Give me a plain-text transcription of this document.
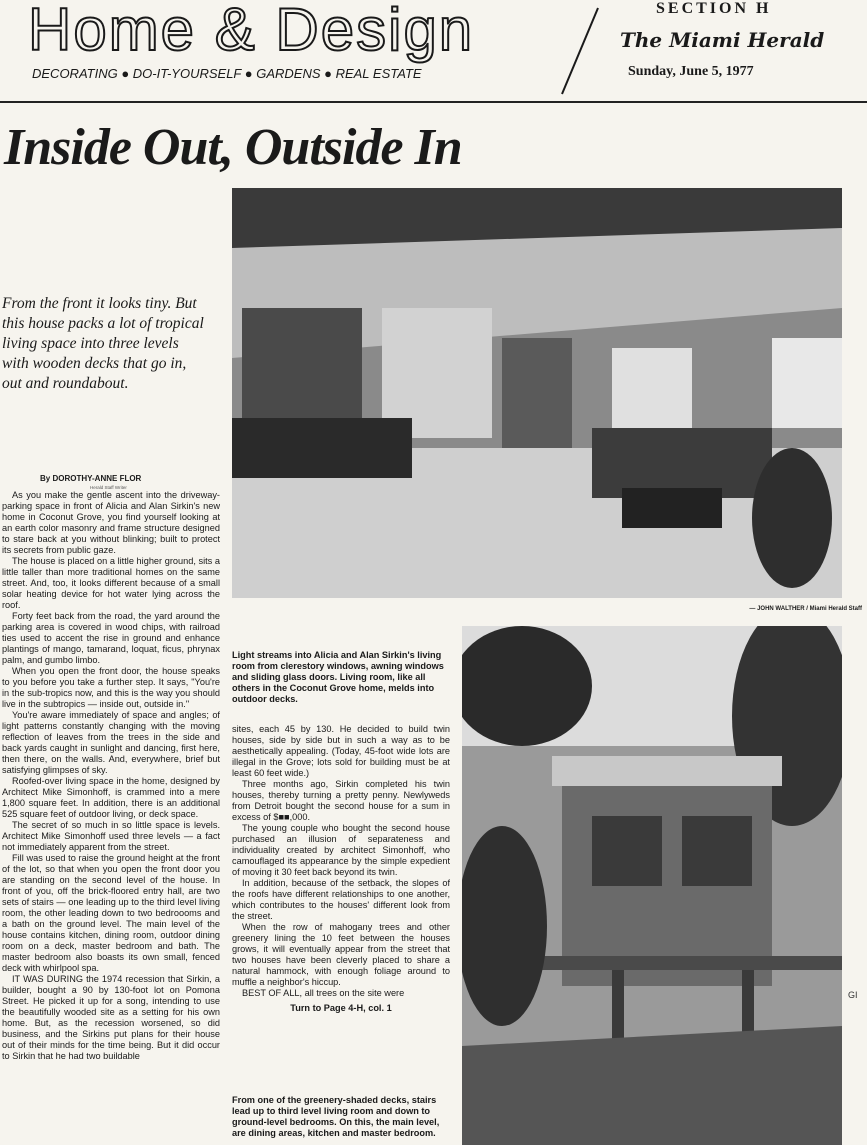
Home & Design
DECORATING ● DO-IT-YOURSELF ● GARDENS ● REAL ESTATE
SECTION H
The Miami Herald
Sunday, June 5, 1977
Inside Out, Outside In
From the front it looks tiny. But this house packs a lot of tropical living space into three levels with wooden decks that go in, out and roundabout.
By DOROTHY-ANNE FLOR
Herald Staff Writer

As you make the gentle ascent into the driveway-parking space in front of Alicia and Alan Sirkin's new home in Coconut Grove, you find yourself looking at an earth color masonry and frame structure designed to stare back at you without blinking; built to protect its secrets from public gaze.

The house is placed on a little higher ground, sits a little taller than more traditional homes on the same street. And, too, it looks different because of a small solar heating device for hot water lying across the roof.

Forty feet back from the road, the yard around the parking area is covered in wood chips, with railroad ties used to accent the rise in ground and enhance plantings of mango, tamarand, loquat, ficus, phrynax palm, and gumbo limbo.

When you open the front door, the house speaks to you before you take a further step. It says, "You're in the sub-tropics now, and this is the way you should live in the subtropics — inside out, outside in."

You're aware immediately of space and angles; of light patterns constantly changing with the moving reflection of leaves from the trees in the side and back yards caught in sunlight and dancing, first here, then there, on the walls. And, everywhere, brief but satisfying glimpses of sky.

Roofed-over living space in the home, designed by Architect Mike Simonhoff, is crammed into a mere 1,800 square feet. In addition, there is an additional 525 square feet of outdoor living, or deck space.

The secret of so much in so little space is levels. Architect Mike Simonhoff used three levels — a fact not immediately apparent from the street.

Fill was used to raise the ground height at the front of the lot, so that when you open the front door you are standing on the second level of the house. In front of you, off the brick-floored entry hall, are two sets of stairs — one leading up to the third level living room, the other leading down to two bedroooms and a bath on the ground level. The main level of the house contains kitchen, dining room, outdoor dining room on a deck, master bedroom and bath. The master bedroom also boasts its own small, fenced deck with whirlpool spa.

IT WAS DURING the 1974 recession that Sirkin, a builder, bought a 90 by 130-foot lot on Pomona Street. He picked it up for a song, intending to use the beautifully wooded site as a setting for his own home. But, as the recession worsened, so did business, and the Sirkins put plans for their house out of their minds for the time being. But it did occur to Sirkin that he had two buildable

— JOHN WALTHER / Miami Herald Staff
Light streams into Alicia and Alan Sirkin's living room from clerestory windows, awning windows and sliding glass doors. Living room, like all others in the Coconut Grove home, melds into outdoor decks.

sites, each 45 by 130. He decided to build twin houses, side by side but in such a way as to be aesthetically appealing. (Today, 45-foot wide lots are illegal in the Grove; lots sold for building must be at least 60 feet wide.)

Three months ago, Sirkin completed his twin houses, thereby turning a pretty penny. Newlyweds from Detroit bought the second house for a sum in excess of $■■,000.

The young couple who bought the second house purchased an illusion of separateness and individuality created by architect Simonhoff, who camouflaged its appearance by the simple expedient of moving it 30 feet back beyond its twin.

In addition, because of the setback, the slopes of the roofs have different relationships to one another, which contributes to the houses' different look from the street.

When the row of mahogany trees and other greenery lining the 10 feet between the houses grows, it will eventually appear from the street that two houses have been cleverly placed to share a natural hammock, with enough foliage around to muffle a neighbor's hiccup.

BEST OF ALL, all trees on the site were

Turn to Page 4-H, col. 1

From one of the greenery-shaded decks, stairs lead up to third level living room and down to ground-level bedrooms. On this, the main level, are dining areas, kitchen and master bedroom.
GI
